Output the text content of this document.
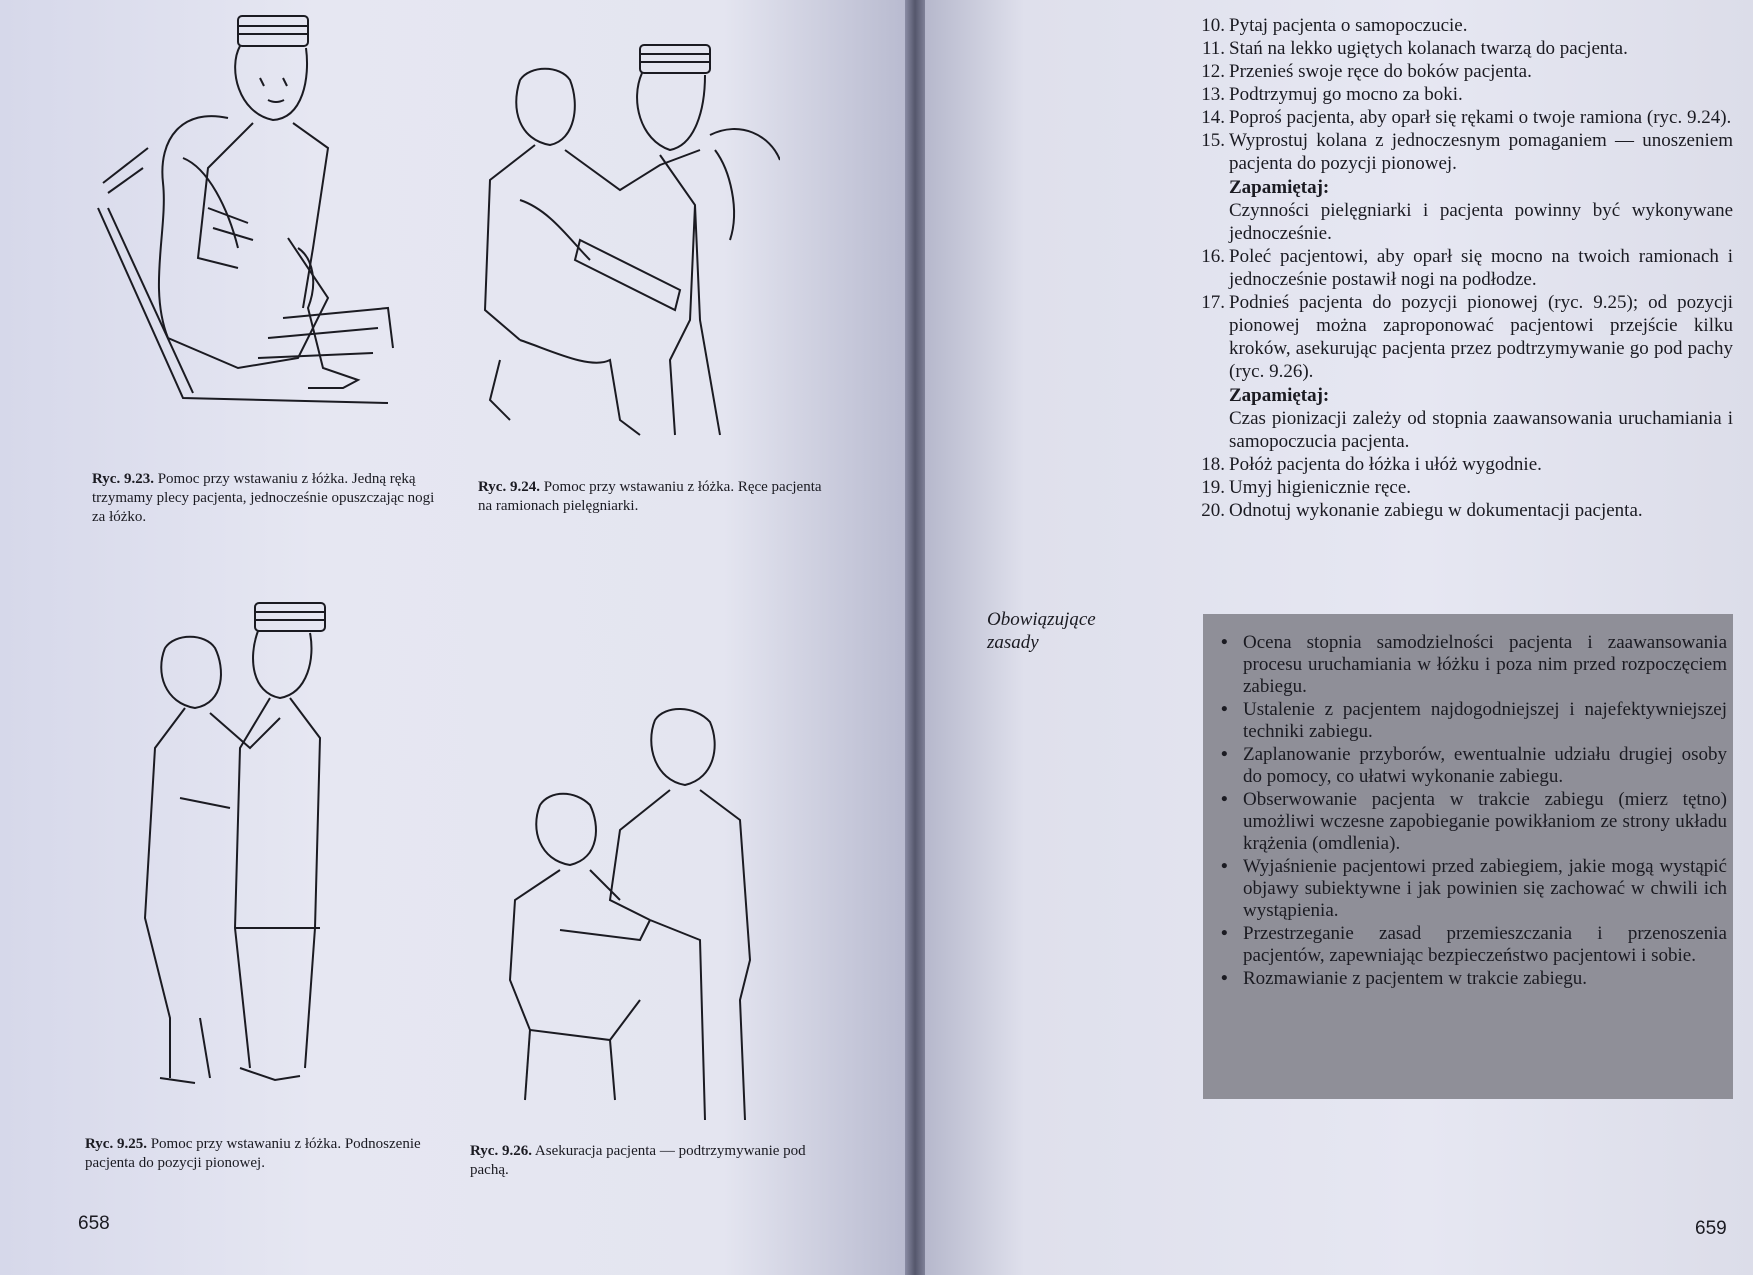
Ryc. 9.23. Pomoc przy wstawaniu z łóżka. Jedną ręką trzymamy plecy pacjenta, jednocześnie opuszczając nogi za łóżko.
Ryc. 9.24. Pomoc przy wstawaniu z łóżka. Ręce pacjenta na ramionach pielęgniarki.
Ryc. 9.25. Pomoc przy wstawaniu z łóżka. Podnoszenie pacjenta do pozycji pionowej.
Ryc. 9.26. Asekuracja pacjenta — podtrzymywanie pod pachą.
658
10. Pytaj pacjenta o samopoczucie.
11. Stań na lekko ugiętych kolanach twarzą do pacjenta.
12. Przenieś swoje ręce do boków pacjenta.
13. Podtrzymuj go mocno za boki.
14. Poproś pacjenta, aby oparł się rękami o twoje ramiona (ryc. 9.24).
15. Wyprostuj kolana z jednoczesnym pomaganiem — unoszeniem pacjenta do pozycji pionowej.
Zapamiętaj:
Czynności pielęgniarki i pacjenta powinny być wykonywane jednocześnie.
16. Poleć pacjentowi, aby oparł się mocno na twoich ramionach i jednocześnie postawił nogi na podłodze.
17. Podnieś pacjenta do pozycji pionowej (ryc. 9.25); od pozycji pionowej można zaproponować pacjentowi przejście kilku kroków, asekurując pacjenta przez podtrzymywanie go pod pachy (ryc. 9.26).
Zapamiętaj:
Czas pionizacji zależy od stopnia zaawansowania uruchamiania i samopoczucia pacjenta.
18. Połóż pacjenta do łóżka i ułóż wygodnie.
19. Umyj higienicznie ręce.
20. Odnotuj wykonanie zabiegu w dokumentacji pacjenta.
Obowiązujące zasady	• Ocena stopnia samodzielności pacjenta i zaawansowania procesu uruchamiania w łóżku i poza nim przed rozpoczęciem zabiegu.
• Ustalenie z pacjentem najdogodniejszej i najefektywniejszej techniki zabiegu.
• Zaplanowanie przyborów, ewentualnie udziału drugiej osoby do pomocy, co ułatwi wykonanie zabiegu.
• Obserwowanie pacjenta w trakcie zabiegu (mierz tętno) umożliwi wczesne zapobieganie powikłaniom ze strony układu krążenia (omdlenia).
• Wyjaśnienie pacjentowi przed zabiegiem, jakie mogą wystąpić objawy subiektywne i jak powinien się zachować w chwili ich wystąpienia.
• Przestrzeganie zasad przemieszczania i przenoszenia pacjentów, zapewniając bezpieczeństwo pacjentowi i sobie.
• Rozmawianie z pacjentem w trakcie zabiegu.
659
